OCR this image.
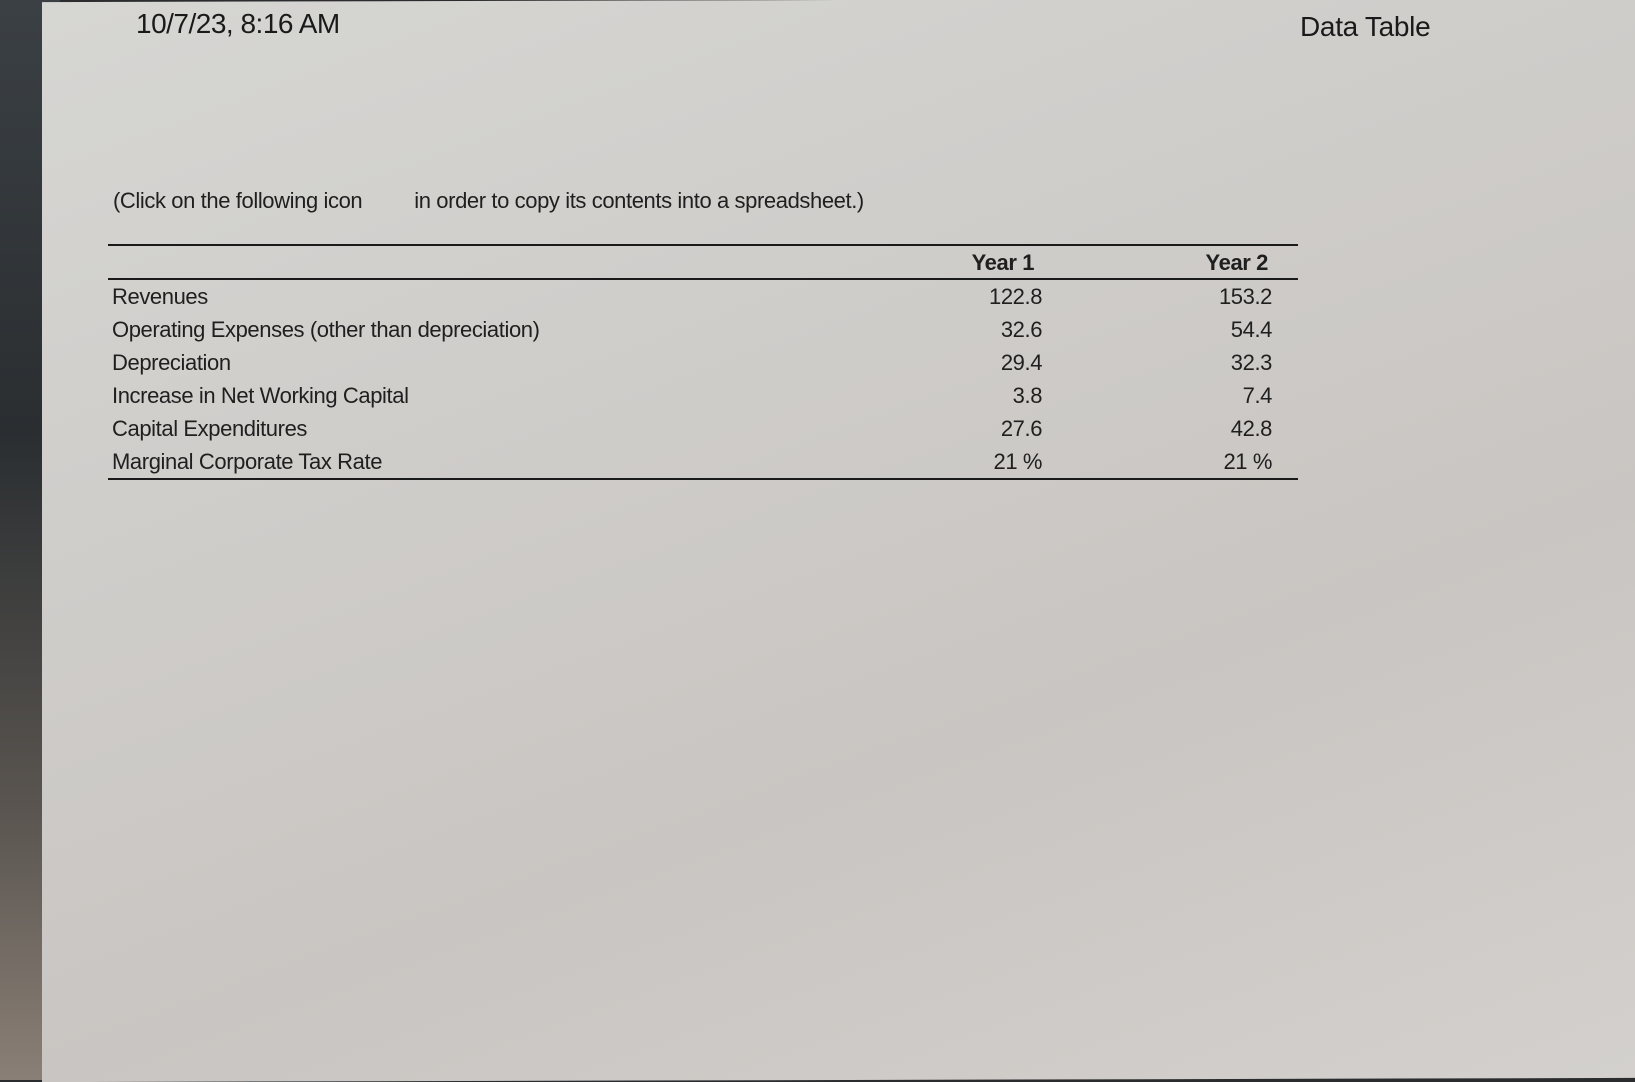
10/7/23, 8:16 AM	Data Table
(Click on the following icon in order to copy its contents into a spreadsheet.)
	Year 1	Year 2
Revenues	122.8	153.2
Operating Expenses (other than depreciation)	32.6	54.4
Depreciation	29.4	32.3
Increase in Net Working Capital	3.8	7.4
Capital Expenditures	27.6	42.8
Marginal Corporate Tax Rate	21 %	21 %
